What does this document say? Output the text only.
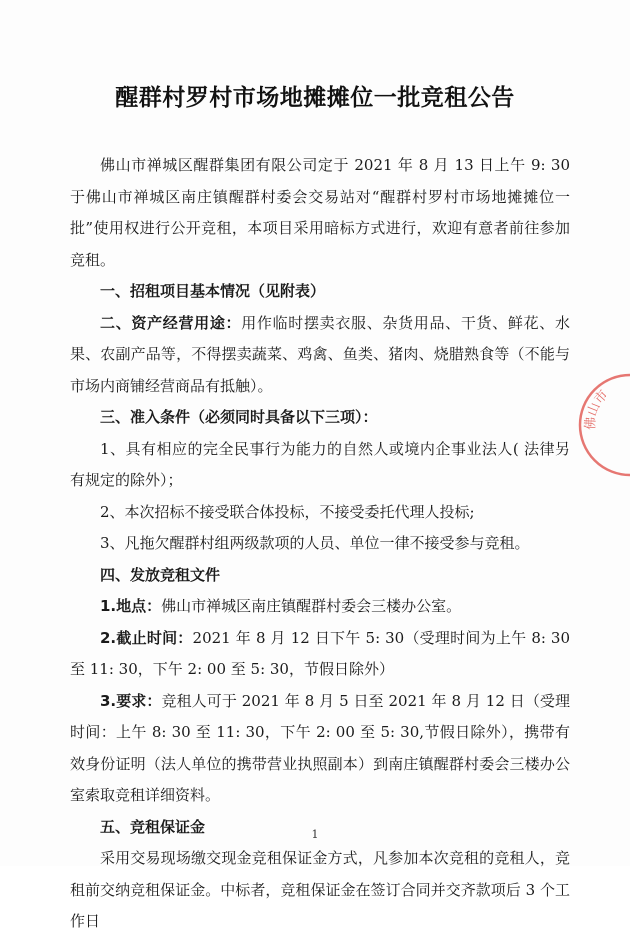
醒群村罗村市场地摊摊位一批竞租公告

佛山市禅城区醒群集团有限公司定于 2021 年 8 月 13 日上午 9: 30 于佛山市禅城区南庄镇醒群村委会交易站对“醒群村罗村市场地摊摊位一批”使用权进行公开竞租，本项目采用暗标方式进行，欢迎有意者前往参加竞租。

一、招租项目基本情况（见附表）

二、资产经营用途：用作临时摆卖衣服、杂货用品、干货、鲜花、水果、农副产品等，不得摆卖蔬菜、鸡禽、鱼类、猪肉、烧腊熟食等（不能与市场内商铺经营商品有抵触）。

三、准入条件（必须同时具备以下三项）：

1、具有相应的完全民事行为能力的自然人或境内企事业法人( 法律另有规定的除外）；

2、本次招标不接受联合体投标，不接受委托代理人投标;

3、凡拖欠醒群村组两级款项的人员、单位一律不接受参与竞租。

四、发放竞租文件

1.地点：佛山市禅城区南庄镇醒群村委会三楼办公室。

2.截止时间：2021 年 8 月 12 日下午 5: 30（受理时间为上午 8: 30 至 11: 30，下午 2: 00 至 5: 30，节假日除外）

3.要求：竞租人可于 2021 年 8 月 5 日至 2021 年 8 月 12 日（受理时间：上午 8: 30 至 11: 30，下午 2: 00 至 5: 30,节假日除外），携带有效身份证明（法人单位的携带营业执照副本）到南庄镇醒群村委会三楼办公室索取竞租详细资料。

五、竞租保证金

采用交易现场缴交现金竞租保证金方式，凡参加本次竞租的竞租人，竞租前交纳竞租保证金。中标者，竞租保证金在签订合同并交齐款项后 3 个工作日

佛山市
1
